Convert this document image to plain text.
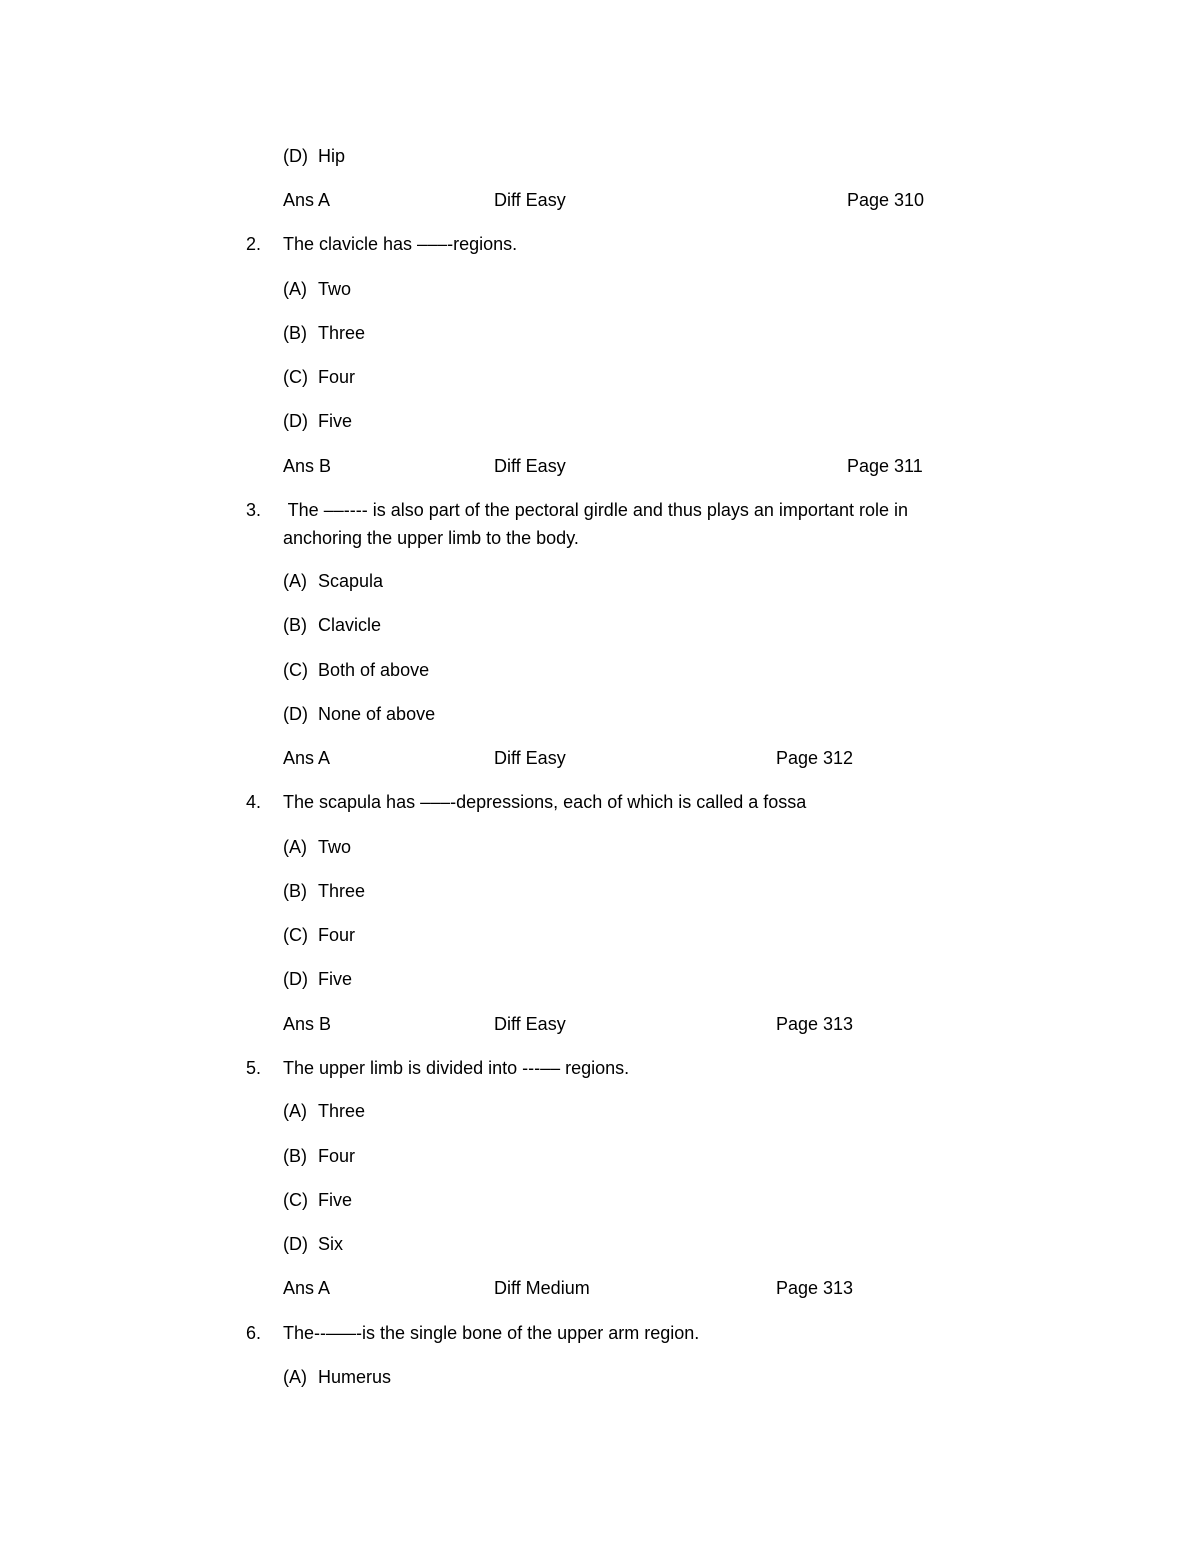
(D) Hip
Ans A	Diff Easy	Page 310
2. The clavicle has –––-regions.
(A) Two
(B) Three
(C) Four
(D) Five
Ans B	Diff Easy	Page 311
3. The ––---- is also part of the pectoral girdle and thus plays an important role in
anchoring the upper limb to the body.
(A) Scapula
(B) Clavicle
(C) Both of above
(D) None of above
Ans A	Diff Easy	Page 312
4. The scapula has –––-depressions, each of which is called a fossa
(A) Two
(B) Three
(C) Four
(D) Five
Ans B	Diff Easy	Page 313
5. The upper limb is divided into ---–– regions.
(A) Three
(B) Four
(C) Five
(D) Six
Ans A	Diff Medium	Page 313
6. The--–––-is the single bone of the upper arm region.
(A) Humerus
